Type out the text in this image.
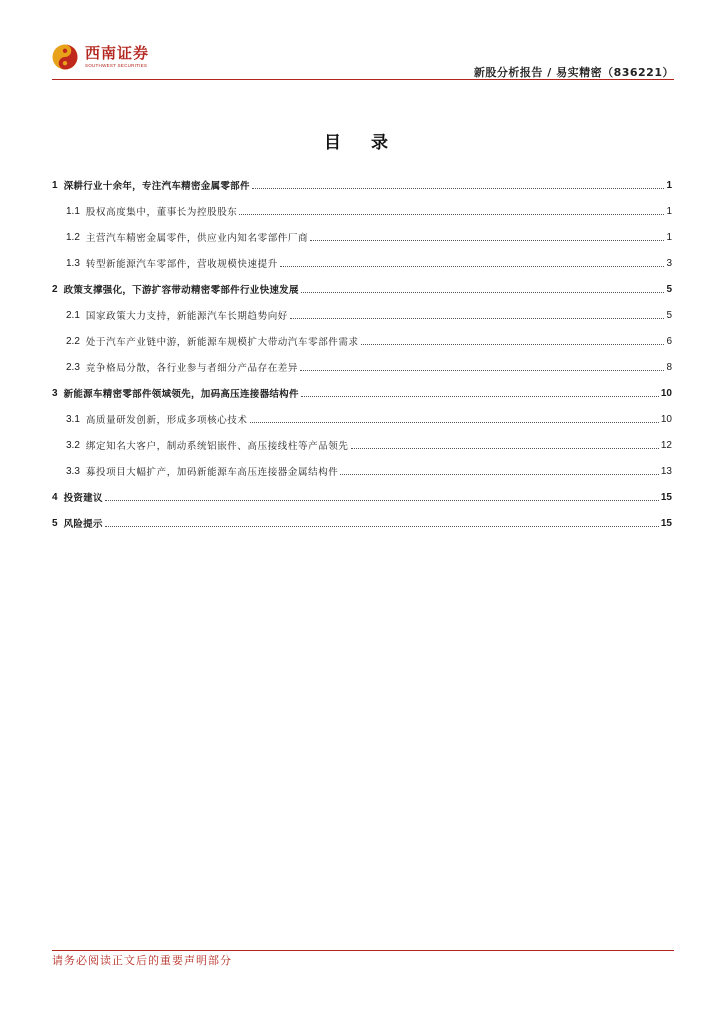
西南证券
SOUTHWEST SECURITIES
新股分析报告 / 易实精密（836221）
目 录
1 深耕行业十余年，专注汽车精密金属零部件	1
1.1 股权高度集中，董事长为控股股东	1
1.2 主营汽车精密金属零件，供应业内知名零部件厂商	1
1.3 转型新能源汽车零部件，营收规模快速提升	3
2 政策支撑强化，下游扩容带动精密零部件行业快速发展	5
2.1 国家政策大力支持，新能源汽车长期趋势向好	5
2.2 处于汽车产业链中游，新能源车规模扩大带动汽车零部件需求	6
2.3 竞争格局分散，各行业参与者细分产品存在差异	8
3 新能源车精密零部件领域领先，加码高压连接器结构件	10
3.1 高质量研发创新，形成多项核心技术	10
3.2 绑定知名大客户，制动系统铝嵌件、高压接线柱等产品领先	12
3.3 募投项目大幅扩产，加码新能源车高压连接器金属结构件	13
4 投资建议	15
5 风险提示	15
请务必阅读正文后的重要声明部分
